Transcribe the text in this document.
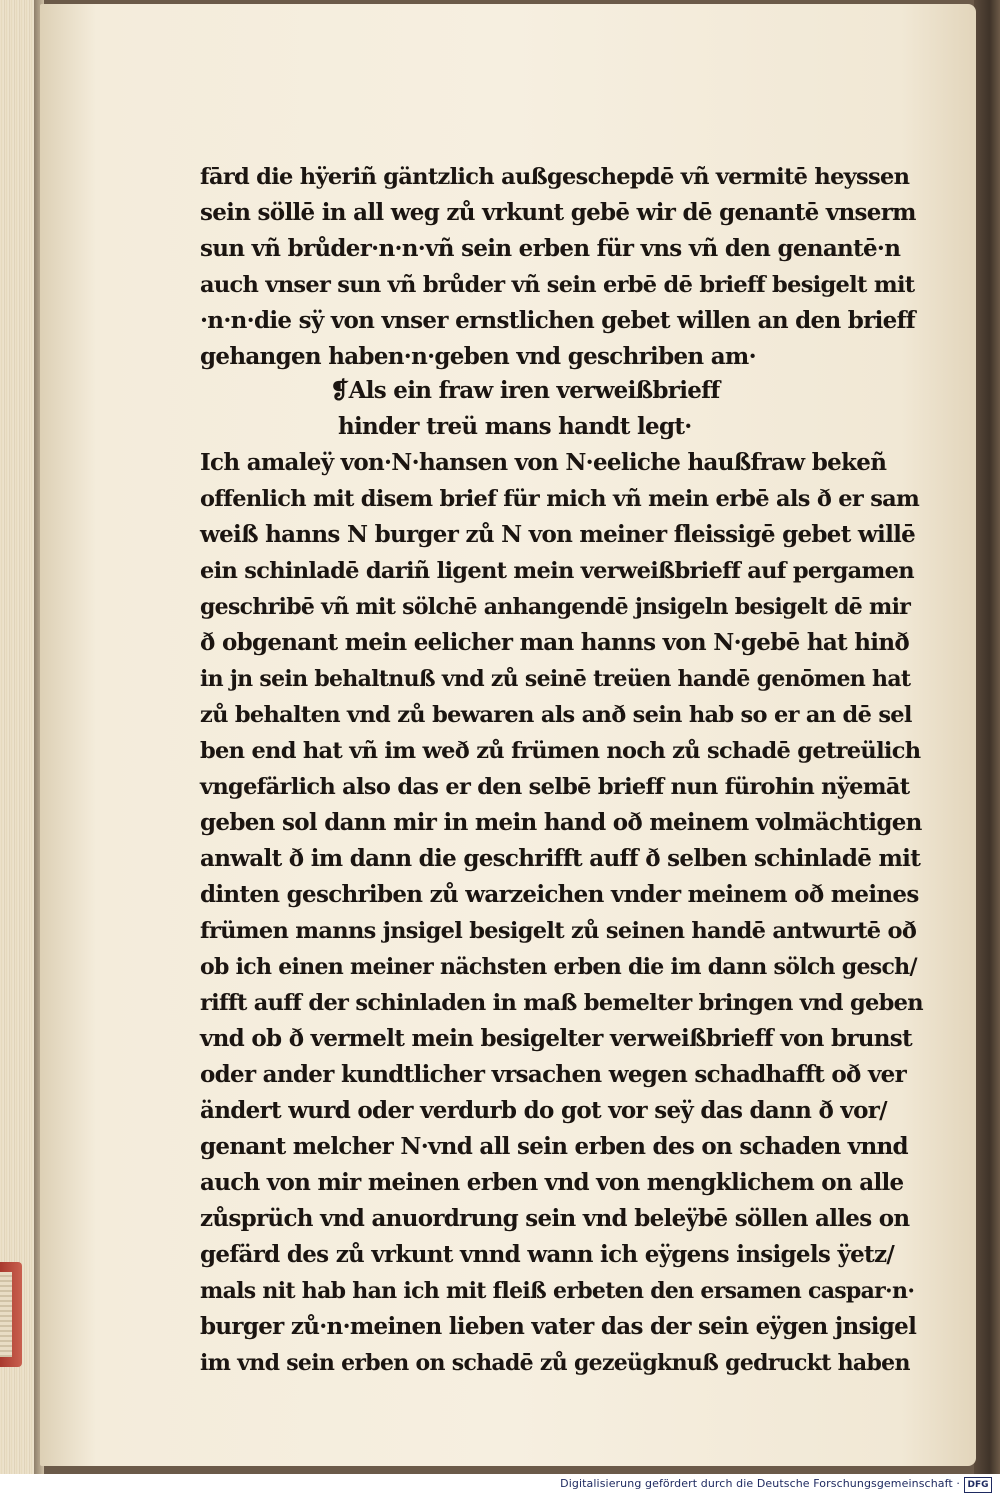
fārd die hÿeriñ gäntzlich außgeschepdē vñ vermitē heyssen
sein söllē in all weg zů vrkunt gebē wir dē genantē vnserm
sun vñ brůder·n·n·vñ sein erben für vns vñ den genantē·n
auch vnser sun vñ brůder vñ sein erbē dē brieff besigelt mit
·n·n·die sÿ von vnser ernstlichen gebet willen an den brieff
gehangen haben·n·geben vnd geschriben am·
❡Als ein fraw iren verweißbrieff
hinder treü mans handt legt·
Ich amaleÿ von·N·hansen von N·eeliche haußfraw bekeñ
offenlich mit disem brief für mich vñ mein erbē als ð er sam
weiß hanns N burger zů N von meiner fleissigē gebet willē
ein schinladē dariñ ligent mein verweißbrieff auf pergamen
geschribē vñ mit sölchē anhangendē jnsigeln besigelt dē mir
ð obgenant mein eelicher man hanns von N·gebē hat hinð
in jn sein behaltnuß vnd zů seinē treüen handē genōmen hat
zů behalten vnd zů bewaren als anð sein hab so er an dē sel
ben end hat vñ im weð zů frümen noch zů schadē getreülich
vngefärlich also das er den selbē brieff nun fürohin nÿemāt
geben sol dann mir in mein hand oð meinem volmächtigen
anwalt ð im dann die geschrifft auff ð selben schinladē mit
dinten geschriben zů warzeichen vnder meinem oð meines
frümen manns jnsigel besigelt zů seinen handē antwurtē oð
ob ich einen meiner nächsten erben die im dann sölch gesch/
rifft auff der schinladen in maß bemelter bringen vnd geben
vnd ob ð vermelt mein besigelter verweißbrieff von brunst
oder ander kundtlicher vrsachen wegen schadhafft oð ver
ändert wurd oder verdurb do got vor seÿ das dann ð vor/
genant melcher N·vnd all sein erben des on schaden vnnd
auch von mir meinen erben vnd von mengklichem on alle
zůsprüch vnd anuordrung sein vnd beleÿbē söllen alles on
gefärd des zů vrkunt vnnd wann ich eÿgens insigels ÿetz/
mals nit hab han ich mit fleiß erbeten den ersamen caspar·n·
burger zů·n·meinen lieben vater das der sein eÿgen jnsigel
im vnd sein erben on schadē zů gezeügknuß gedruckt haben
Digitalisierung gefördert durch die Deutsche Forschungsgemeinschaft · DFG
